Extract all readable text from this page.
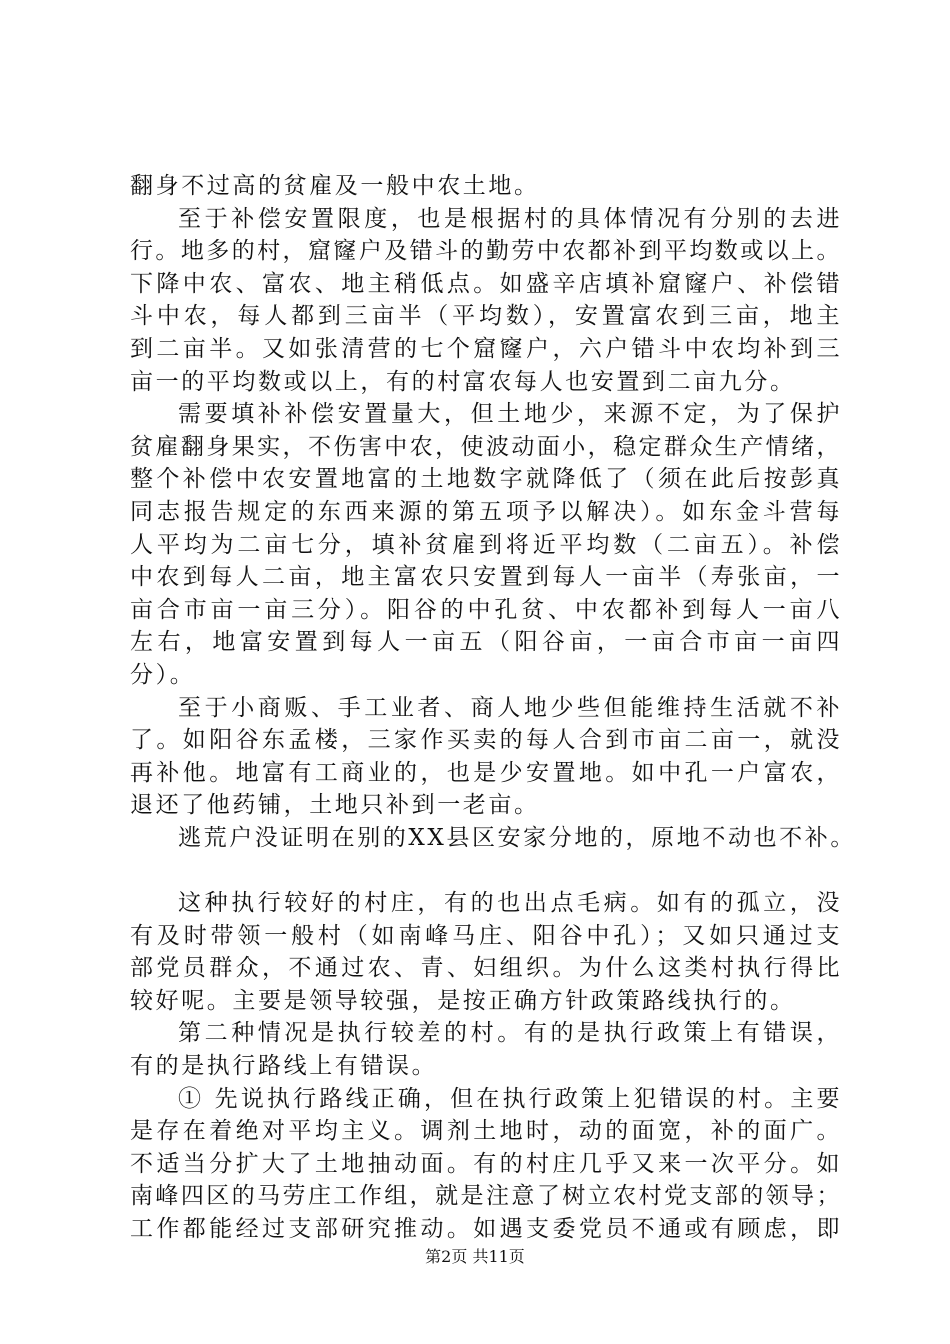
翻身不过高的贫雇及一般中农土地。
至于补偿安置限度，也是根据村的具体情况有分别的去进
行。地多的村，窟窿户及错斗的勤劳中农都补到平均数或以上。
下降中农、富农、地主稍低点。如盛辛店填补窟窿户、补偿错
斗中农，每人都到三亩半（平均数），安置富农到三亩，地主
到二亩半。又如张清营的七个窟窿户，六户错斗中农均补到三
亩一的平均数或以上，有的村富农每人也安置到二亩九分。
需要填补补偿安置量大，但土地少，来源不定，为了保护
贫雇翻身果实，不伤害中农，使波动面小，稳定群众生产情绪，
整个补偿中农安置地富的土地数字就降低了（须在此后按彭真
同志报告规定的东西来源的第五项予以解决）。如东金斗营每
人平均为二亩七分，填补贫雇到将近平均数（二亩五）。补偿
中农到每人二亩，地主富农只安置到每人一亩半（寿张亩，一
亩合市亩一亩三分）。阳谷的中孔贫、中农都补到每人一亩八
左右，地富安置到每人一亩五（阳谷亩，一亩合市亩一亩四
分）。
至于小商贩、手工业者、商人地少些但能维持生活就不补
了。如阳谷东孟楼，三家作买卖的每人合到市亩二亩一，就没
再补他。地富有工商业的，也是少安置地。如中孔一户富农，
退还了他药铺，土地只补到一老亩。
逃荒户没证明在别的XX县区安家分地的，原地不动也不补。
这种执行较好的村庄，有的也出点毛病。如有的孤立，没
有及时带领一般村（如南峰马庄、阳谷中孔）；又如只通过支
部党员群众，不通过农、青、妇组织。为什么这类村执行得比
较好呢。主要是领导较强，是按正确方针政策路线执行的。
第二种情况是执行较差的村。有的是执行政策上有错误，
有的是执行路线上有错误。
① 先说执行路线正确，但在执行政策上犯错误的村。主要
是存在着绝对平均主义。调剂土地时，动的面宽，补的面广。
不适当分扩大了土地抽动面。有的村庄几乎又来一次平分。如
南峰四区的马劳庄工作组，就是注意了树立农村党支部的领导；
工作都能经过支部研究推动。如遇支委党员不通或有顾虑，即
第2页 共11页
